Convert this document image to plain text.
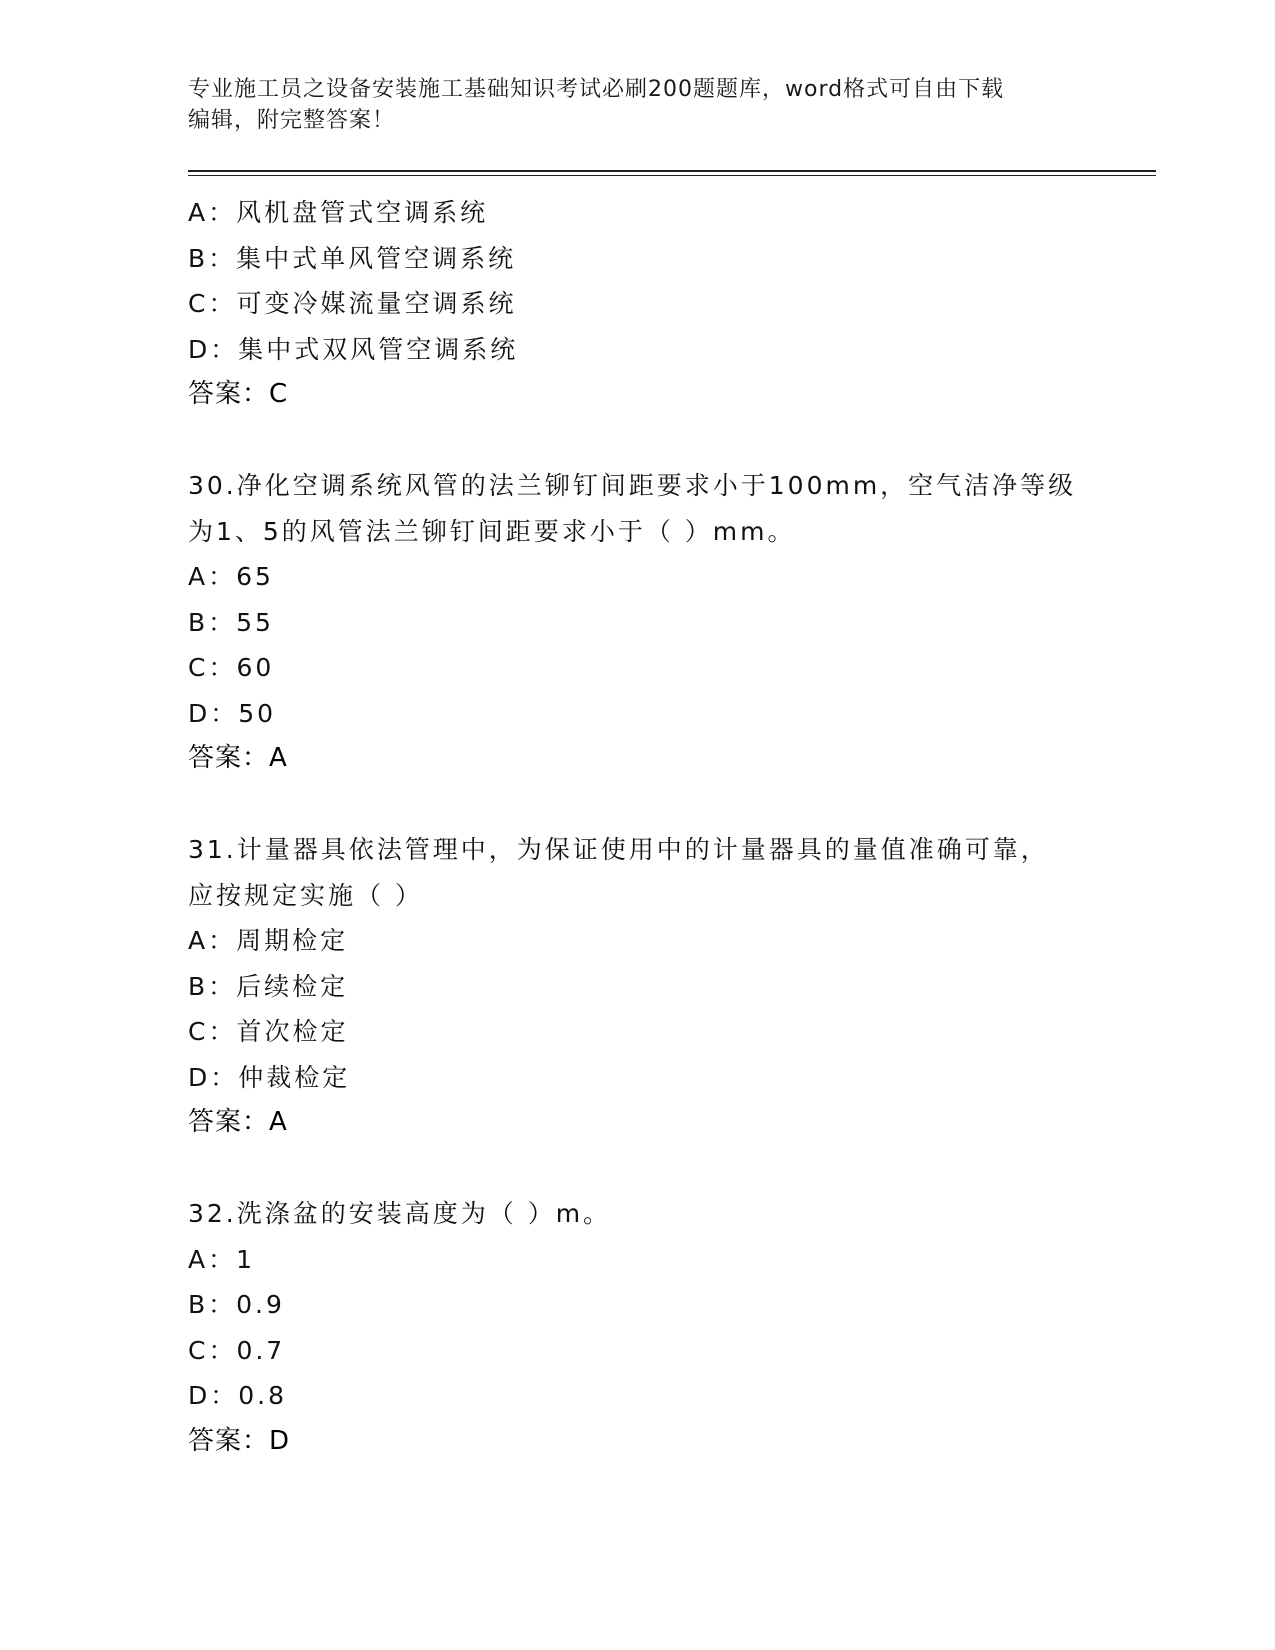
专业施工员之设备安装施工基础知识考试必刷200题题库，word格式可自由下载
编辑，附完整答案！
A：风机盘管式空调系统
B：集中式单风管空调系统
C：可变冷媒流量空调系统
D：集中式双风管空调系统
答案：C
30.净化空调系统风管的法兰铆钉间距要求小于100mm，空气洁净等级
为1、5的风管法兰铆钉间距要求小于（ ）mm。
A：65
B：55
C：60
D：50
答案：A
31.计量器具依法管理中，为保证使用中的计量器具的量值准确可靠，
应按规定实施（ ）
A：周期检定
B：后续检定
C：首次检定
D：仲裁检定
答案：A
32.洗涤盆的安装高度为（ ）m。
A：1
B：0.9
C：0.7
D：0.8
答案：D
